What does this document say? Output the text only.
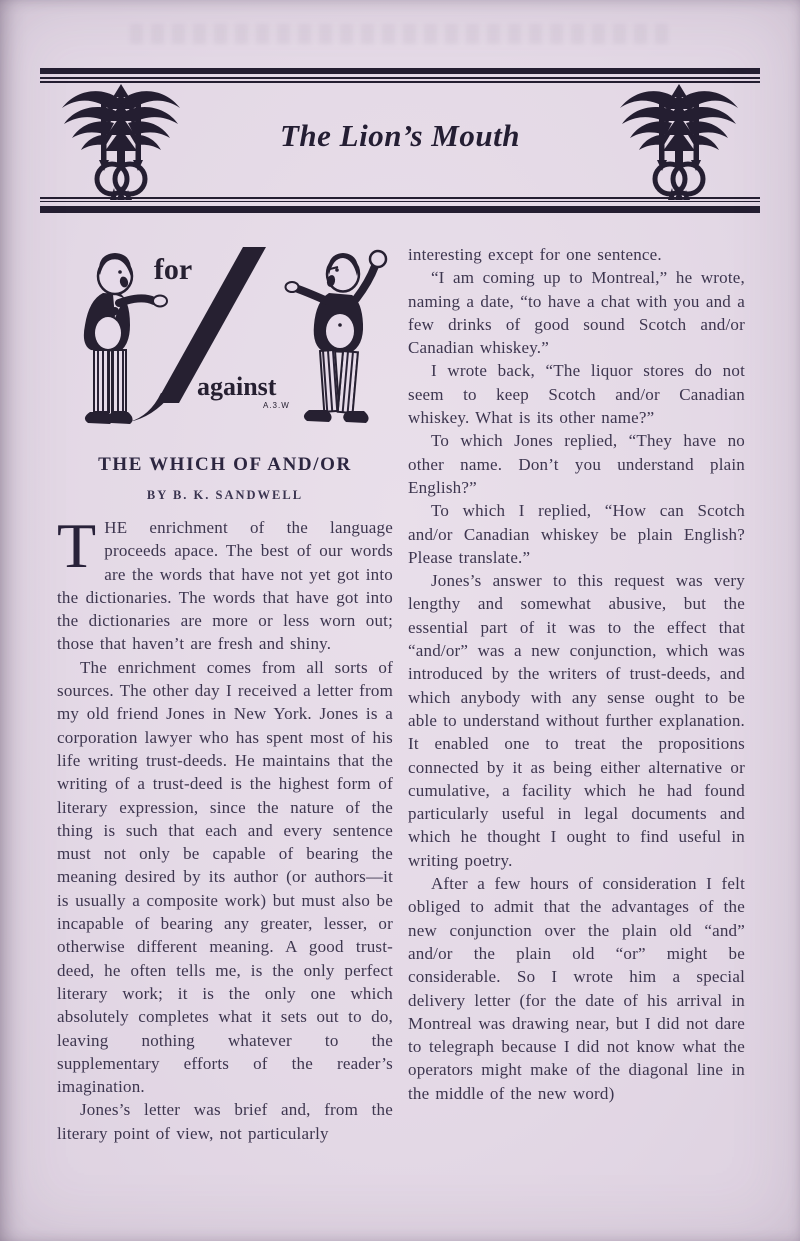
The Lion’s Mouth
for
against
A.3.W
THE WHICH OF AND/OR
BY B. K. SANDWELL

THE enrichment of the language proceeds apace. The best of our words are the words that have not yet got into the dictionaries. The words that have got into the dictionaries are more or less worn out; those that haven’t are fresh and shiny.

The enrichment comes from all sorts of sources. The other day I received a letter from my old friend Jones in New York. Jones is a corporation lawyer who has spent most of his life writing trust-deeds. He maintains that the writing of a trust-deed is the highest form of literary expression, since the nature of the thing is such that each and every sentence must not only be capable of bearing the meaning desired by its author (or authors—it is usually a composite work) but must also be incapable of bearing any greater, lesser, or otherwise different meaning. A good trust-deed, he often tells me, is the only perfect literary work; it is the only one which absolutely completes what it sets out to do, leaving nothing whatever to the supplementary efforts of the reader’s imagination.

Jones’s letter was brief and, from the literary point of view, not particularly

interesting except for one sentence.

“I am coming up to Montreal,” he wrote, naming a date, “to have a chat with you and a few drinks of good sound Scotch and/or Canadian whiskey.”

I wrote back, “The liquor stores do not seem to keep Scotch and/or Canadian whiskey. What is its other name?”

To which Jones replied, “They have no other name. Don’t you understand plain English?”

To which I replied, “How can Scotch and/or Canadian whiskey be plain English? Please translate.”

Jones’s answer to this request was very lengthy and somewhat abusive, but the essential part of it was to the effect that “and/or” was a new conjunction, which was introduced by the writers of trust-deeds, and which anybody with any sense ought to be able to understand without further explanation. It enabled one to treat the propositions connected by it as being either alternative or cumulative, a facility which he had found particularly useful in legal documents and which he thought I ought to find useful in writing poetry.

After a few hours of consideration I felt obliged to admit that the advantages of the new conjunction over the plain old “and” and/or the plain old “or” might be considerable. So I wrote him a special delivery letter (for the date of his arrival in Montreal was drawing near, but I did not dare to telegraph because I did not know what the operators might make of the diagonal line in the middle of the new word)
